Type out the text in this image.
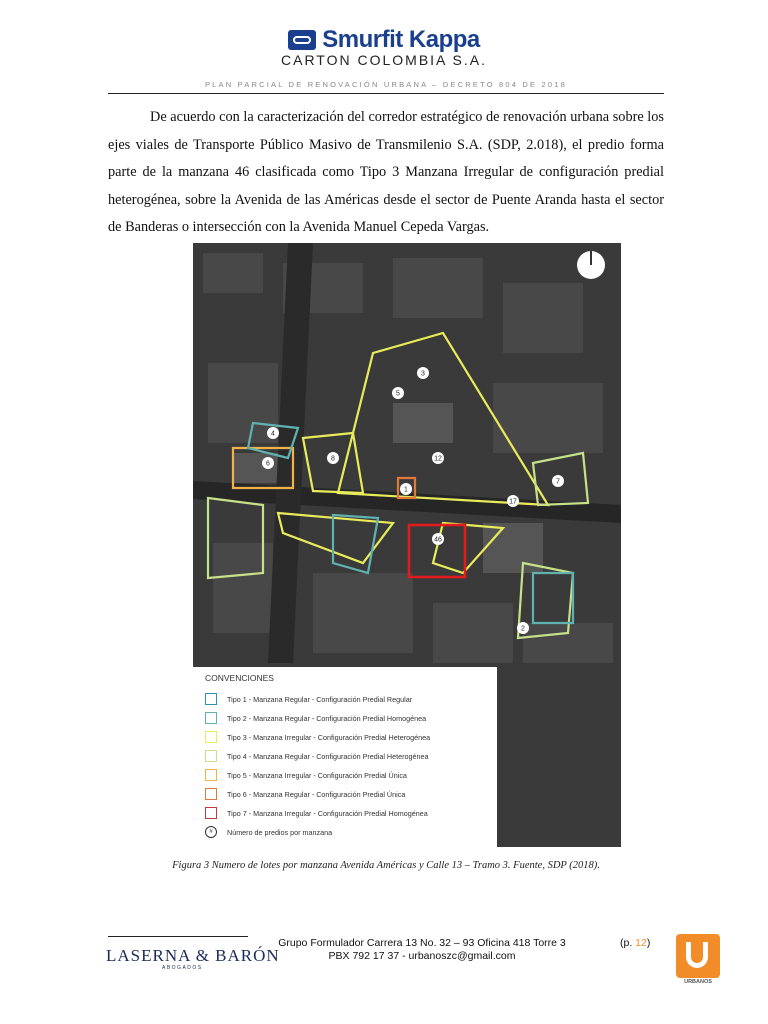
Smurfit Kappa
CARTON COLOMBIA S.A.
PLAN PARCIAL DE RENOVACIÓN URBANA – DECRETO 804 DE 2018
De acuerdo con la caracterización del corredor estratégico de renovación urbana sobre los ejes viales de Transporte Público Masivo de Transmilenio S.A. (SDP, 2.018), el predio forma parte de la manzana 46 clasificada como Tipo 3 Manzana Irregular de configuración predial heterogénea, sobre la Avenida de las Américas desde el sector de Puente Aranda hasta el sector de Banderas o intersección con la Avenida Manuel Cepeda Vargas.
5
3
12
8
6
4
46
1
17
7
2
CONVENCIONES
Tipo 1 - Manzana Regular - Configuración Predial Regular
Tipo 2 - Manzana Regular - Configuración Predial Homogénea
Tipo 3 - Manzana Irregular - Configuración Predial Heterogénea
Tipo 4 - Manzana Regular - Configuración Predial Heterogénea
Tipo 5 - Manzana Irregular - Configuración Predial Única
Tipo 6 - Manzana Regular - Configuración Predial Única
Tipo 7 - Manzana Irregular - Configuración Predial Homogénea
#	Número de predios por manzana
Figura 3 Numero de lotes por manzana Avenida Américas y Calle 13 – Tramo 3. Fuente, SDP (2018).
LASERNA & BARÓN
ABOGADOS
Grupo Formulador Carrera 13 No. 32 – 93 Oficina 418 Torre 3
PBX 792 17 37 - urbanoszc@gmail.com
(p. 12)
URBANOS
